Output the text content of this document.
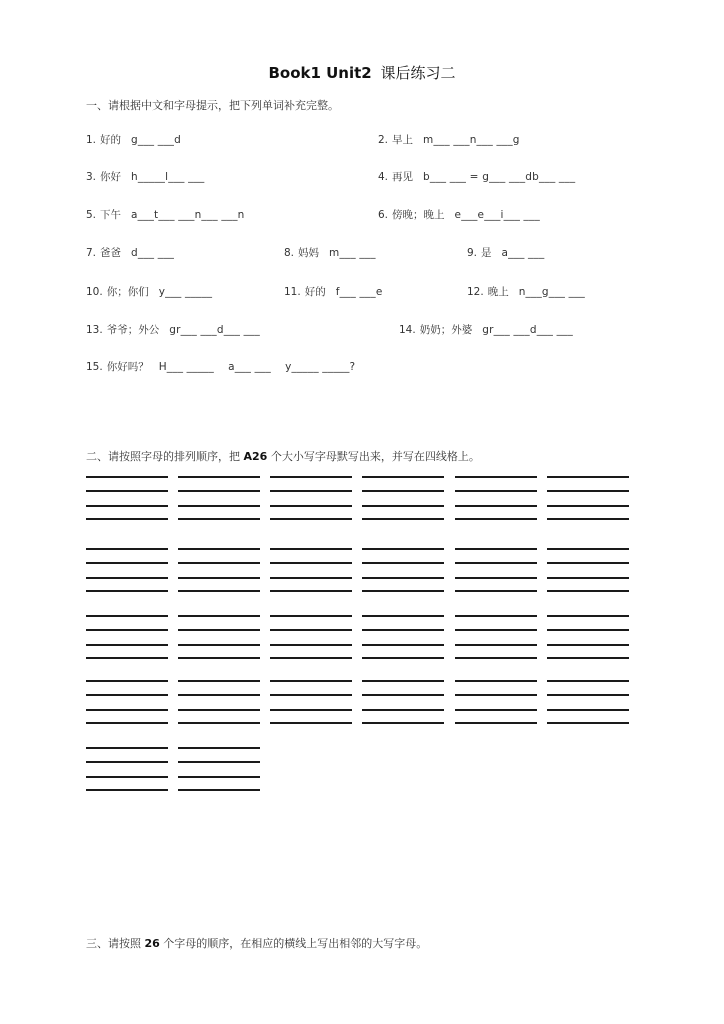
Book1 Unit2 课后练习二
一、请根据中文和字母提示，把下列单词补充完整。
1. 好的 g___ ___d	2. 早上 m___ ___n___ ___g
3. 你好 h_____l___ ___	4. 再见 b___ ___ = g___ ___db___ ___
5. 下午 a___t___ ___n___ ___n	6. 傍晚；晚上 e___e___i___ ___
7. 爸爸 d___ ___	8. 妈妈 m___ ___	9. 是 a___ ___
10. 你；你们 y___ _____	11. 好的 f___ ___e	12. 晚上 n___g___ ___
13. 爷爷；外公 gr___ ___d___ ___	14. 奶奶；外婆 gr___ ___d___ ___
15. 你好吗？ H___ _____    a___ ___    y_____ _____?
二、请按照字母的排列顺序，把 A26 个大小写字母默写出来，并写在四线格上。
三、请按照 26 个字母的顺序，在相应的横线上写出相邻的大写字母。
